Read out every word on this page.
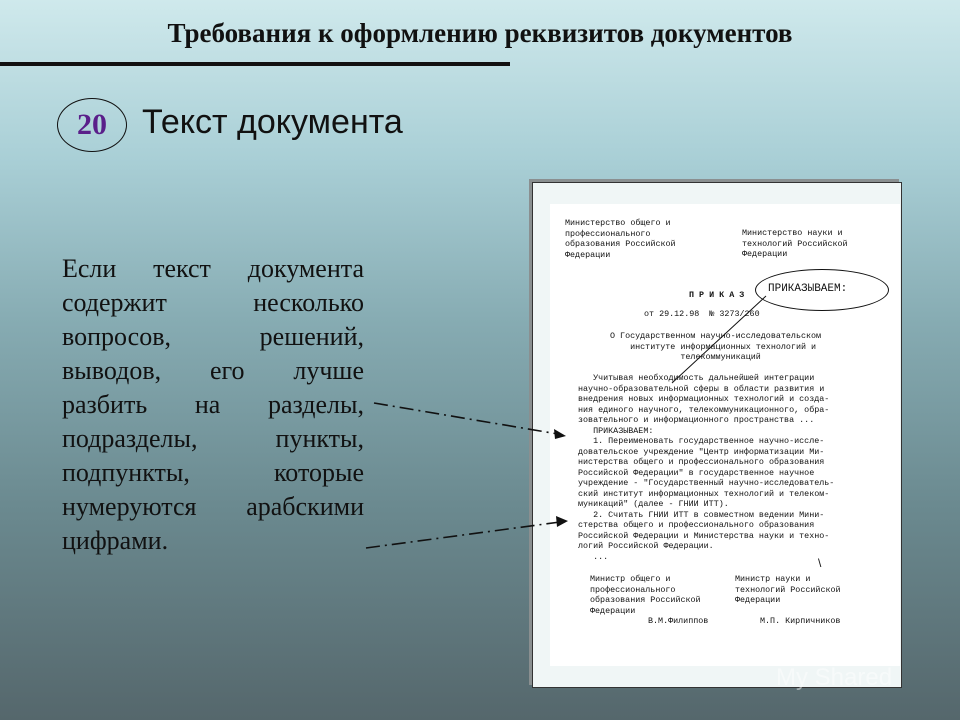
Требования к оформлению реквизитов документов
20 Текст документа
Если текст документа содержит несколько вопросов, решений, выводов, его лучше разбить на разделы, подразделы, пункты, подпункты, которые нумеруются арабскими цифрами.
Министерство общего и
профессионального
образования Российской
Федерации
Министерство науки и
технологий Российской
Федерации
П Р И К А З
от 29.12.98  № 3273/260
О Государственном научно-исследовательском
институте информационных технологий и
телекоммуникаций
Учитывая необходимость дальнейшей интеграции
научно-образовательной сферы в области развития и
внедрения новых информационных технологий и созда-
ния единого научного, телекоммуникационного, обра-
зовательного и информационного пространства ...
ПРИКАЗЫВАЕМ:
1. Переименовать государственное научно-иссле-
довательское учреждение "Центр информатизации Ми-
нистерства общего и профессионального образования
Российской Федерации" в государственное научное
учреждение - "Государственный научно-исследователь-
ский институт информационных технологий и телеком-
муникаций" (далее - ГНИИ ИТТ).
2. Считать ГНИИ ИТТ в совместном ведении Мини-
стерства общего и профессионального образования
Российской Федерации и Министерства науки и техно-
логий Российской Федерации.
...	\
Министр общего и
профессионального
образования Российской
Федерации
Министр науки и
технологий Российской
Федерации
В.М.Филиппов	М.П. Кирпичников
ПРИКАЗЫВАЕМ:
My Shared
